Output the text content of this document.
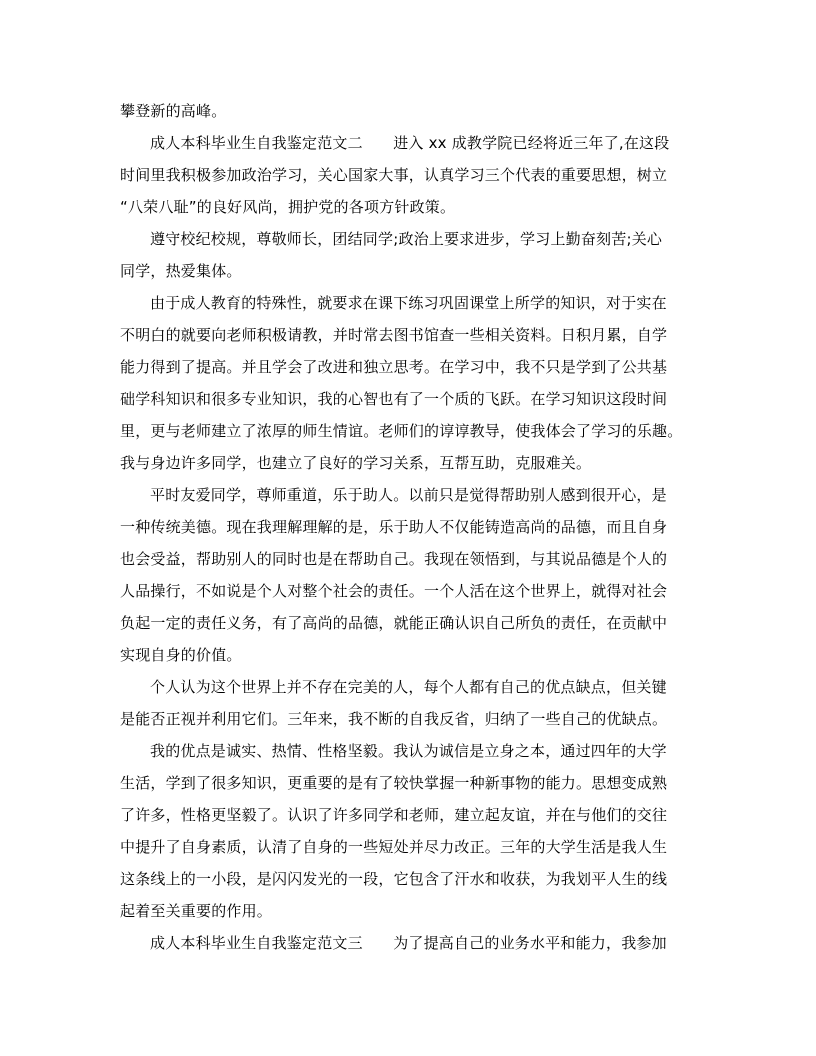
攀登新的高峰。
成人本科毕业生自我鉴定范文二　　进入 xx 成教学院已经将近三年了,在这段
时间里我积极参加政治学习，关心国家大事，认真学习三个代表的重要思想，树立
“八荣八耻”的良好风尚，拥护党的各项方针政策。
遵守校纪校规，尊敬师长，团结同学;政治上要求进步，学习上勤奋刻苦;关心
同学，热爱集体。
由于成人教育的特殊性，就要求在课下练习巩固课堂上所学的知识，对于实在
不明白的就要向老师积极请教，并时常去图书馆查一些相关资料。日积月累，自学
能力得到了提高。并且学会了改进和独立思考。在学习中，我不只是学到了公共基
础学科知识和很多专业知识，我的心智也有了一个质的飞跃。在学习知识这段时间
里，更与老师建立了浓厚的师生情谊。老师们的谆谆教导，使我体会了学习的乐趣。
我与身边许多同学，也建立了良好的学习关系，互帮互助，克服难关。
平时友爱同学，尊师重道，乐于助人。以前只是觉得帮助别人感到很开心，是
一种传统美德。现在我理解理解的是，乐于助人不仅能铸造高尚的品德，而且自身
也会受益，帮助别人的同时也是在帮助自己。我现在领悟到，与其说品德是个人的
人品操行，不如说是个人对整个社会的责任。一个人活在这个世界上，就得对社会
负起一定的责任义务，有了高尚的品德，就能正确认识自己所负的责任，在贡献中
实现自身的价值。
个人认为这个世界上并不存在完美的人，每个人都有自己的优点缺点，但关键
是能否正视并利用它们。三年来，我不断的自我反省，归纳了一些自己的优缺点。
我的优点是诚实、热情、性格坚毅。我认为诚信是立身之本，通过四年的大学
生活，学到了很多知识，更重要的是有了较快掌握一种新事物的能力。思想变成熟
了许多，性格更坚毅了。认识了许多同学和老师，建立起友谊，并在与他们的交往
中提升了自身素质，认清了自身的一些短处并尽力改正。三年的大学生活是我人生
这条线上的一小段，是闪闪发光的一段，它包含了汗水和收获，为我划平人生的线
起着至关重要的作用。
成人本科毕业生自我鉴定范文三　　为了提高自己的业务水平和能力，我参加
